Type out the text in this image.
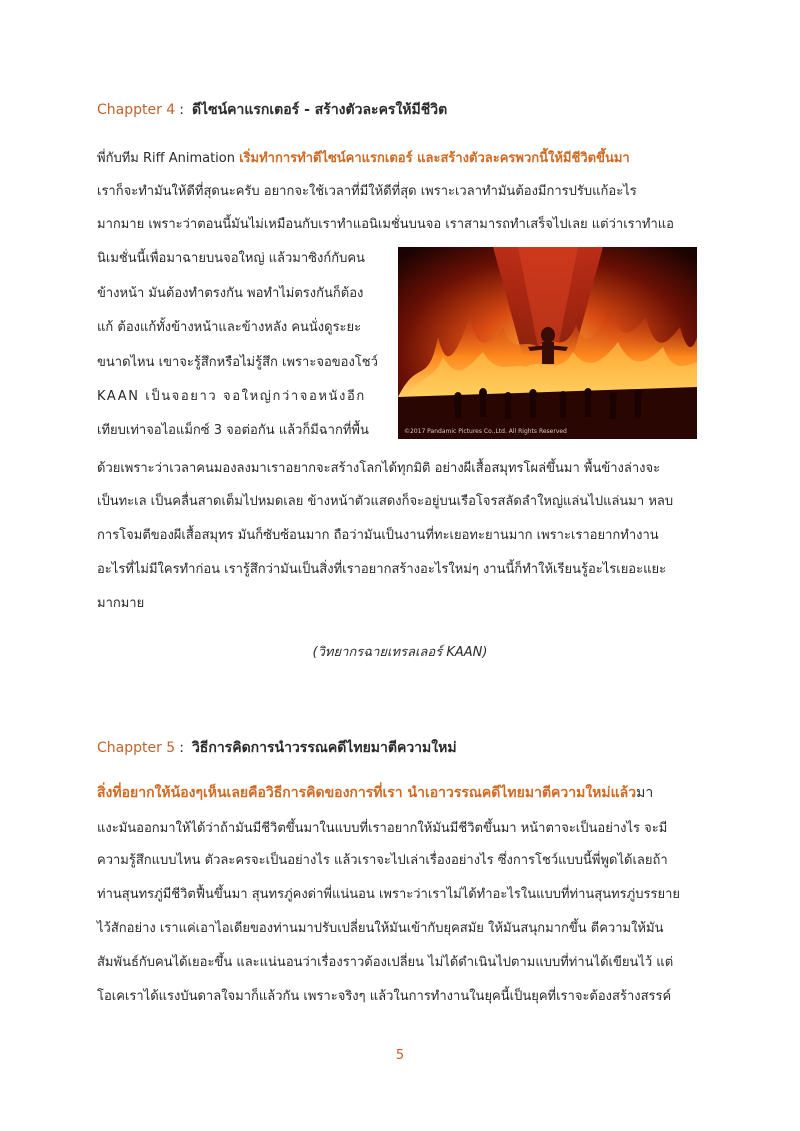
Chappter 4 : ดีไซน์คาแรกเตอร์ - สร้างตัวละครให้มีชีวิต
พี่กับทีม Riff Animation เริ่มทำการทำดีไซน์คาแรกเตอร์ และสร้างตัวละครพวกนี้ให้มีชีวิตขึ้นมา
เราก็จะทำมันให้ดีที่สุดนะครับ อยากจะใช้เวลาที่มีให้ดีที่สุด เพราะเวลาทำมันต้องมีการปรับแก้อะไร
มากมาย เพราะว่าตอนนี้มันไม่เหมือนกับเราทำแอนิเมชั่นบนจอ เราสามารถทำเสร็จไปเลย แต่ว่าเราทำแอ
นิเมชั่นนี้เพื่อมาฉายบนจอใหญ่ แล้วมาซิงก์กับคน
ข้างหน้า มันต้องทำตรงกัน พอทำไม่ตรงกันก็ต้อง
แก้ ต้องแก้ทั้งข้างหน้าและข้างหลัง คนนั่งดูระยะ
ขนาดไหน เขาจะรู้สึกหรือไม่รู้สึก เพราะจอของโชว์
KAAN เป็นจอยาว จอใหญ่กว่าจอหนังอีก
เทียบเท่าจอไอแม็กซ์ 3 จอต่อกัน แล้วก็มีฉากที่พื้น	©2017 Pandamic Pictures Co.,Ltd. All Rights Reserved
ด้วยเพราะว่าเวลาคนมองลงมาเราอยากจะสร้างโลกได้ทุกมิติ อย่างผีเสื้อสมุทรโผล่ขึ้นมา พื้นข้างล่างจะ
เป็นทะเล เป็นคลื่นสาดเต็มไปหมดเลย ข้างหน้าตัวแสดงก็จะอยู่บนเรือโจรสลัดลำใหญ่แล่นไปแล่นมา หลบ
การโจมตีของผีเสื้อสมุทร มันก็ซับซ้อนมาก ถือว่ามันเป็นงานที่ทะเยอทะยานมาก เพราะเราอยากทำงาน
อะไรที่ไม่มีใครทำก่อน เรารู้สึกว่ามันเป็นสิ่งที่เราอยากสร้างอะไรใหม่ๆ งานนี้ก็ทำให้เรียนรู้อะไรเยอะแยะ
มากมาย
(วิทยากรฉายเทรลเลอร์ KAAN)
Chappter 5 : วิธีการคิดการนำวรรณคดีไทยมาตีความใหม่
สิ่งที่อยากให้น้องๆเห็นเลยคือวิธีการคิดของการที่เรา นำเอาวรรณคดีไทยมาตีความใหม่แล้วมา
แงะมันออกมาให้ได้ว่าถ้ามันมีชีวิตขึ้นมาในแบบที่เราอยากให้มันมีชีวิตขึ้นมา หน้าตาจะเป็นอย่างไร จะมี
ความรู้สึกแบบไหน ตัวละครจะเป็นอย่างไร แล้วเราจะไปเล่าเรื่องอย่างไร ซึ่งการโชว์แบบนี้พี่พูดได้เลยถ้า
ท่านสุนทรภู่มีชีวิตฟื้นขึ้นมา สุนทรภู่คงด่าพี่แน่นอน เพราะว่าเราไม่ได้ทำอะไรในแบบที่ท่านสุนทรภู่บรรยาย
ไว้สักอย่าง เราแค่เอาไอเดียของท่านมาปรับเปลี่ยนให้มันเข้ากับยุคสมัย ให้มันสนุกมากขึ้น ตีความให้มัน
สัมพันธ์กับคนได้เยอะขึ้น และแน่นอนว่าเรื่องราวต้องเปลี่ยน ไม่ได้ดำเนินไปตามแบบที่ท่านได้เขียนไว้ แต่
โอเคเราได้แรงบันดาลใจมาก็แล้วกัน เพราะจริงๆ แล้วในการทำงานในยุคนี้เป็นยุคที่เราจะต้องสร้างสรรค์
5
